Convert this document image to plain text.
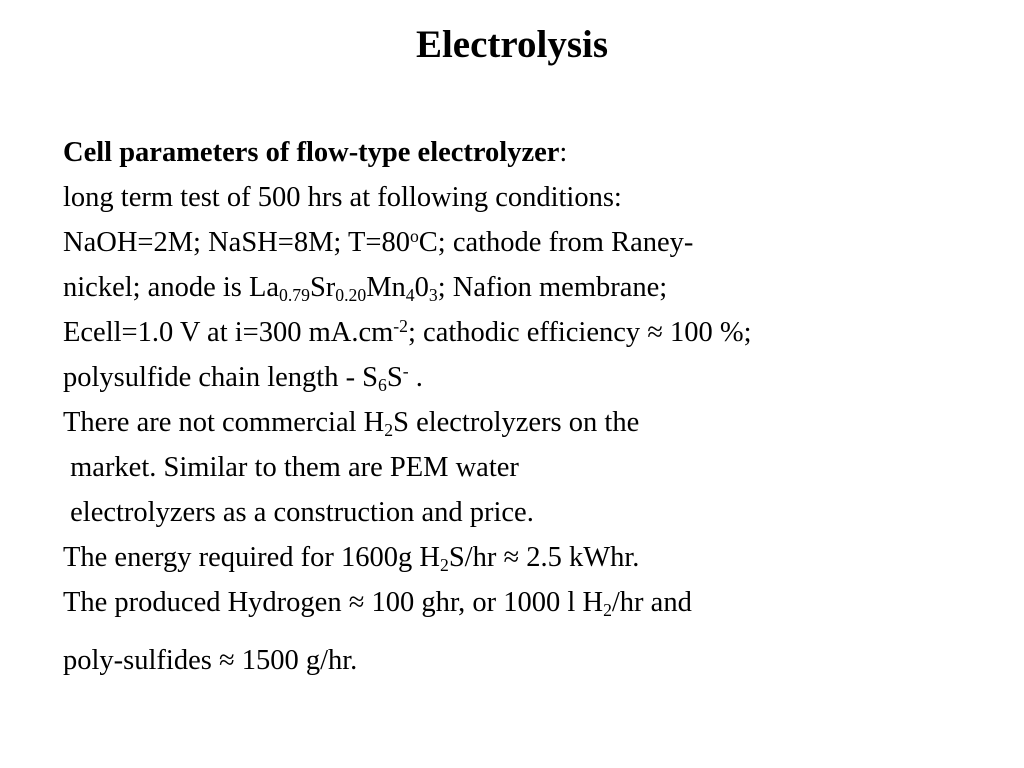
Electrolysis
Cell parameters of flow-type electrolyzer:
long term test of 500 hrs at following conditions:
NaOH=2M; NaSH=8M; $T=80^oC$; cathode from Raney-
nickel; anode is $La_{0.79}Sr_{0.20}Mn_40_3$; Nafion membrane;
Ecell=1.0 V at i=300 $mA.cm^{-2}$; cathodic efficiency ≈ 100 %;
polysulfide chain length - $S_6S^-$ .
There are not commercial $H_2S$ electrolyzers on the
market. Similar to them are PEM water
electrolyzers as a construction and price.
The energy required for 1600g $H_2S/hr \approx 2.5$ kWhr.
The produced Hydrogen ≈ 100 ghr, or 1000 l $H_2/hr$ and
poly-sulfides ≈ 1500 g/hr.
